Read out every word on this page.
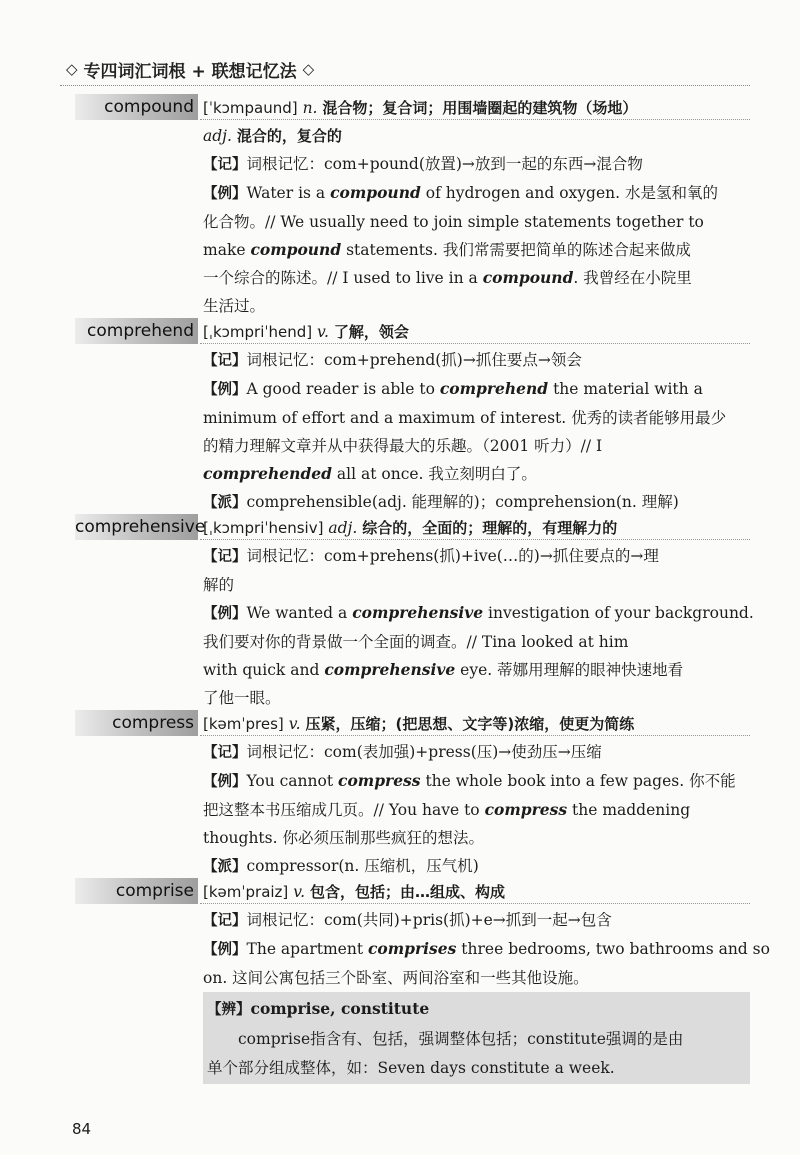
◇ 专四词汇词根 + 联想记忆法 ◇
compound [ˈkɔmpaund] n. 混合物；复合词；用围墙圈起的建筑物（场地）
adj. 混合的，复合的
【记】词根记忆：com+pound(放置)→放到一起的东西→混合物
【例】Water is a compound of hydrogen and oxygen. 水是氢和氧的
化合物。// We usually need to join simple statements together to
make compound statements. 我们常需要把简单的陈述合起来做成
一个综合的陈述。// I used to live in a compound. 我曾经在小院里
生活过。
comprehend [ˌkɔmpriˈhend] v. 了解，领会
【记】词根记忆：com+prehend(抓)→抓住要点→领会
【例】A good reader is able to comprehend the material with a
minimum of effort and a maximum of interest. 优秀的读者能够用最少
的精力理解文章并从中获得最大的乐趣。（2001 听力）// I
comprehended all at once. 我立刻明白了。
【派】comprehensible(adj. 能理解的)；comprehension(n. 理解)
comprehensive
[ˌkɔmpriˈhensiv] adj. 综合的，全面的；理解的，有理解力的
【记】词根记忆：com+prehens(抓)+ive(…的)→抓住要点的→理
解的
【例】We wanted a comprehensive investigation of your background.
我们要对你的背景做一个全面的调查。// Tina looked at him
with quick and comprehensive eye. 蒂娜用理解的眼神快速地看
了他一眼。
compress [kəmˈpres] v. 压紧，压缩；(把思想、文字等)浓缩，使更为简练
【记】词根记忆：com(表加强)+press(压)→使劲压→压缩
【例】You cannot compress the whole book into a few pages. 你不能
把这整本书压缩成几页。// You have to compress the maddening
thoughts. 你必须压制那些疯狂的想法。
【派】compressor(n. 压缩机，压气机)
comprise [kəmˈpraiz] v. 包含，包括；由…组成、构成
【记】词根记忆：com(共同)+pris(抓)+e→抓到一起→包含
【例】The apartment comprises three bedrooms, two bathrooms and so
on. 这间公寓包括三个卧室、两间浴室和一些其他设施。
【辨】comprise, constitute
comprise指含有、包括，强调整体包括；constitute强调的是由
单个部分组成整体，如：Seven days constitute a week.
84
